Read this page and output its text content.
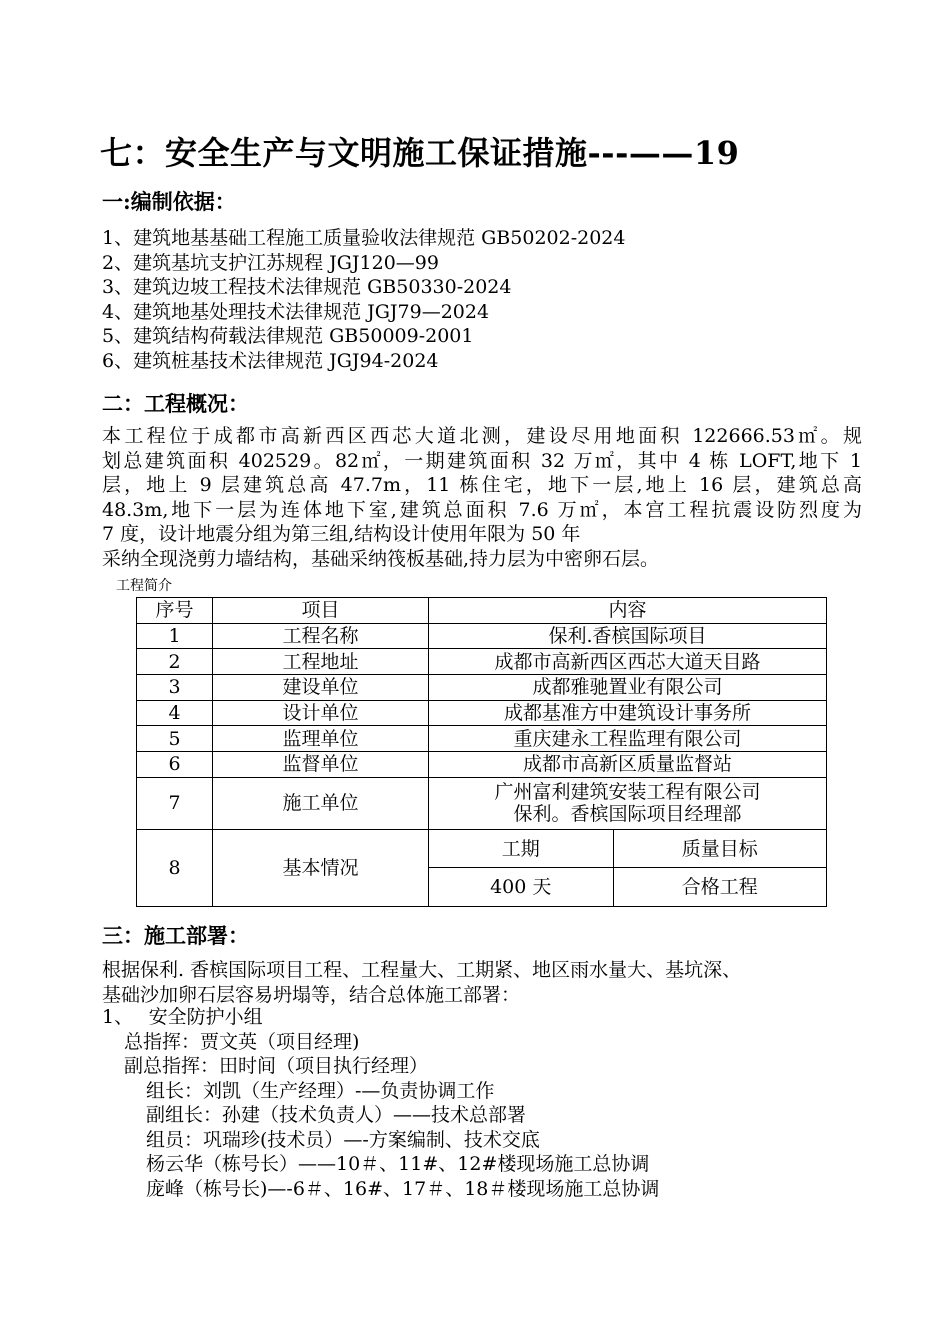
七：安全生产与文明施工保证措施---——19
一:编制依据：
1、建筑地基基础工程施工质量验收法律规范 GB50202-2024
2、建筑基坑支护江苏规程 JGJ120—99
3、建筑边坡工程技术法律规范 GB50330-2024
4、建筑地基处理技术法律规范 JGJ79—2024
5、建筑结构荷载法律规范 GB50009-2001
6、建筑桩基技术法律规范 JGJ94-2024
二：工程概况：
本工程位于成都市高新西区西芯大道北测，建设尽用地面积 122666.53㎡。规
划总建筑面积 402529。82㎡，一期建筑面积 32 万㎡，其中 4 栋 LOFT,地下 1
层，地上 9 层建筑总高 47.7m，11 栋住宅，地下一层,地上 16 层，建筑总高
48.3m,地下一层为连体地下室,建筑总面积 7.6 万㎡，本宫工程抗震设防烈度为
7 度，设计地震分组为第三组,结构设计使用年限为 50 年
采纳全现浇剪力墙结构，基础采纳筏板基础,持力层为中密卵石层。
工程简介
序号	项目	内容
1	工程名称	保利.香槟国际项目
2	工程地址	成都市高新西区西芯大道天目路
3	建设单位	成都雅驰置业有限公司
4	设计单位	成都基准方中建筑设计事务所
5	监理单位	重庆建永工程监理有限公司
6	监督单位	成都市高新区质量监督站
7	施工单位	广州富利建筑安装工程有限公司
保利。香槟国际项目经理部

8	基本情况	
工期	质量目标
400 天	合格工程
三：施工部署：
根据保利. 香槟国际项目工程、工程量大、工期紧、地区雨水量大、基坑深、
基础沙加卵石层容易坍塌等，结合总体施工部署：
1、　 安全防护小组
总指挥：贾文英（项目经理)
副总指挥：田时间（项目执行经理）
组长：刘凯（生产经理）-—负责协调工作
副组长：孙建（技术负责人）——技术总部署
组员：巩瑞珍(技术员）—-方案编制、技术交底
杨云华（栋号长）——10＃、11#、12#楼现场施工总协调
庞峰（栋号长)—-6＃、16#、17＃、18＃楼现场施工总协调
